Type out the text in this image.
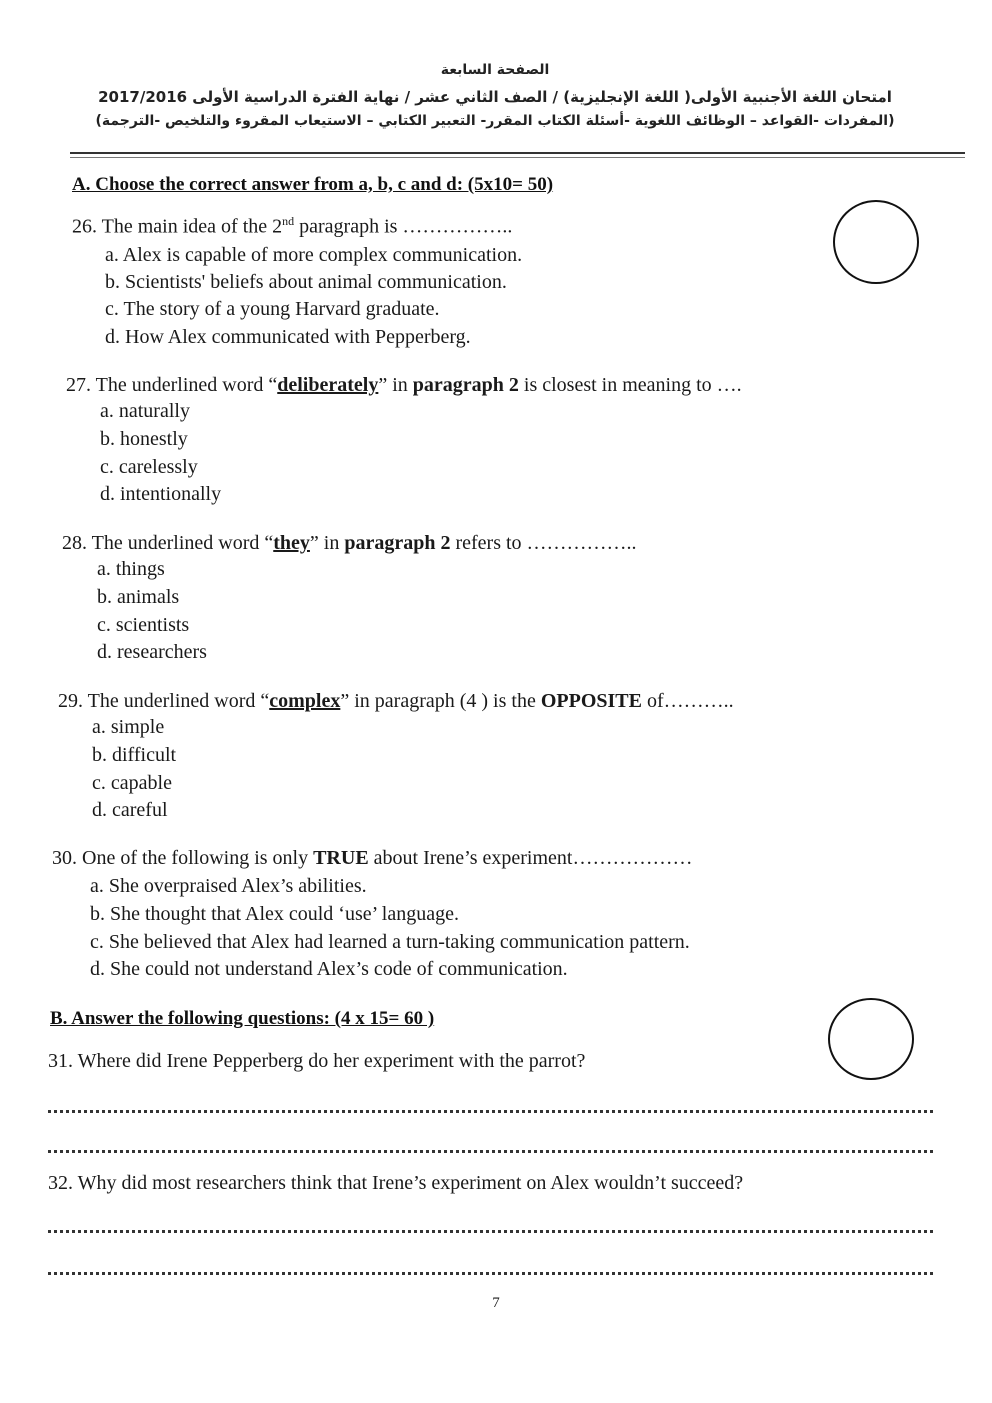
الصفحة السابعة
امتحان اللغة الأجنبية الأولى( اللغة الإنجليزية) / الصف الثاني عشر / نهاية الفترة الدراسية الأولى 2017/2016
(المفردات -القواعد – الوظائف اللغوية -أسئلة الكتاب المقرر- التعبير الكتابي – الاستيعاب المقروء والتلخيص -الترجمة)
A. Choose the correct answer from a, b, c and d: (5x10= 50)
26. The main idea of the 2nd paragraph is ……………..
a. Alex is capable of more complex communication.
b. Scientists' beliefs about animal communication.
c. The story of a young Harvard graduate.
d. How Alex communicated with Pepperberg.
27. The underlined word “deliberately” in paragraph 2 is closest in meaning to ….
a. naturally
b. honestly
c. carelessly
d. intentionally
28. The underlined word “they” in paragraph 2 refers to ……………..
a. things
b. animals
c. scientists
d. researchers
29. The underlined word “complex” in paragraph (4 ) is the OPPOSITE of………..
a. simple
b. difficult
c. capable
d. careful
30. One of the following is only TRUE about Irene’s experiment………………
a. She overpraised Alex’s abilities.
b. She thought that Alex could ‘use’ language.
c. She believed that Alex had learned a turn-taking communication pattern.
d. She could not understand Alex’s code of communication.
B. Answer the following questions: (4 x 15= 60 )
31. Where did Irene Pepperberg do her experiment with the parrot?
32. Why did most researchers think that Irene’s experiment on Alex wouldn’t succeed?
7
